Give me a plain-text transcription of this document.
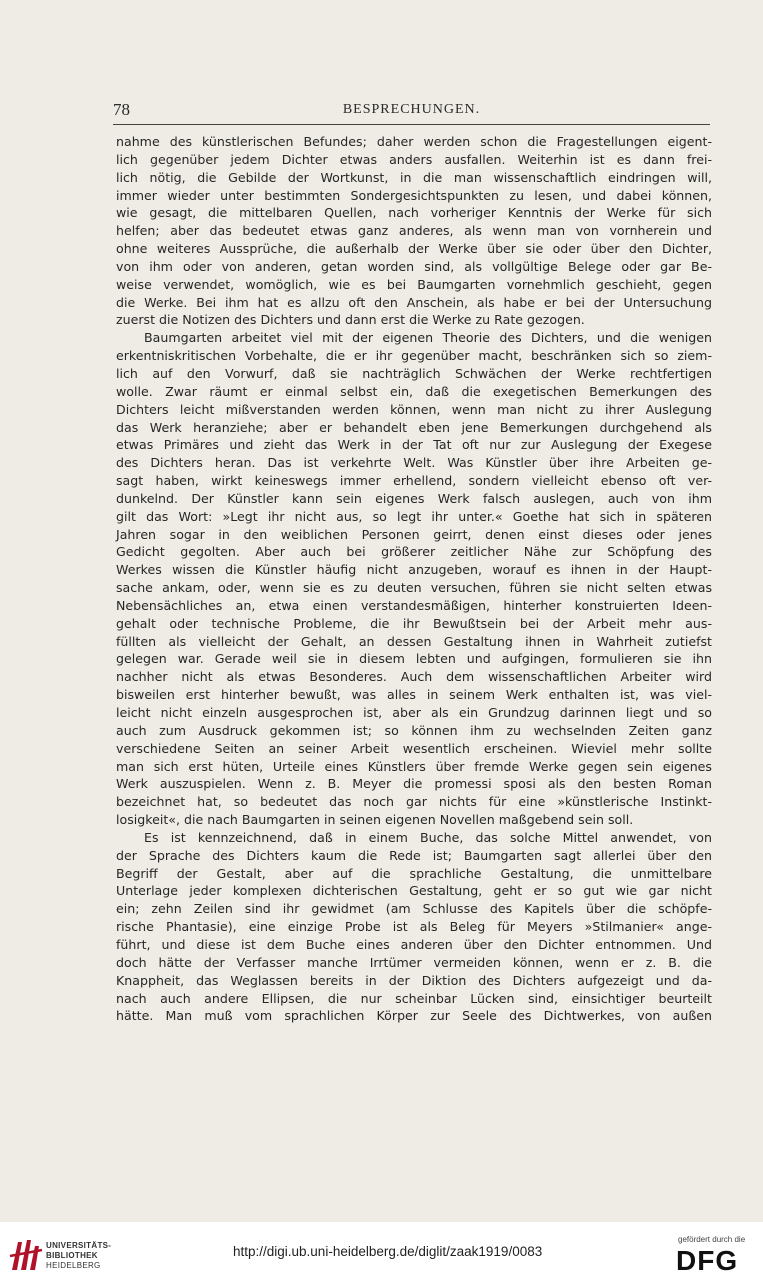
78	BESPRECHUNGEN.

nahme des künstlerischen Befundes; daher werden schon die Fragestellungen eigent-

lich gegenüber jedem Dichter etwas anders ausfallen. Weiterhin ist es dann frei-

lich nötig, die Gebilde der Wortkunst, in die man wissenschaftlich eindringen will,

immer wieder unter bestimmten Sondergesichtspunkten zu lesen, und dabei können,

wie gesagt, die mittelbaren Quellen, nach vorheriger Kenntnis der Werke für sich

helfen; aber das bedeutet etwas ganz anderes, als wenn man von vornherein und

ohne weiteres Aussprüche, die außerhalb der Werke über sie oder über den Dichter,

von ihm oder von anderen, getan worden sind, als vollgültige Belege oder gar Be-

weise verwendet, womöglich, wie es bei Baumgarten vornehmlich geschieht, gegen

die Werke. Bei ihm hat es allzu oft den Anschein, als habe er bei der Untersuchung

zuerst die Notizen des Dichters und dann erst die Werke zu Rate gezogen.

Baumgarten arbeitet viel mit der eigenen Theorie des Dichters, und die wenigen

erkentniskritischen Vorbehalte, die er ihr gegenüber macht, beschränken sich so ziem-

lich auf den Vorwurf, daß sie nachträglich Schwächen der Werke rechtfertigen

wolle. Zwar räumt er einmal selbst ein, daß die exegetischen Bemerkungen des

Dichters leicht mißverstanden werden können, wenn man nicht zu ihrer Auslegung

das Werk heranziehe; aber er behandelt eben jene Bemerkungen durchgehend als

etwas Primäres und zieht das Werk in der Tat oft nur zur Auslegung der Exegese

des Dichters heran. Das ist verkehrte Welt. Was Künstler über ihre Arbeiten ge-

sagt haben, wirkt keineswegs immer erhellend, sondern vielleicht ebenso oft ver-

dunkelnd. Der Künstler kann sein eigenes Werk falsch auslegen, auch von ihm

gilt das Wort: »Legt ihr nicht aus, so legt ihr unter.« Goethe hat sich in späteren

Jahren sogar in den weiblichen Personen geirrt, denen einst dieses oder jenes

Gedicht gegolten. Aber auch bei größerer zeitlicher Nähe zur Schöpfung des

Werkes wissen die Künstler häufig nicht anzugeben, worauf es ihnen in der Haupt-

sache ankam, oder, wenn sie es zu deuten versuchen, führen sie nicht selten etwas

Nebensächliches an, etwa einen verstandesmäßigen, hinterher konstruierten Ideen-

gehalt oder technische Probleme, die ihr Bewußtsein bei der Arbeit mehr aus-

füllten als vielleicht der Gehalt, an dessen Gestaltung ihnen in Wahrheit zutiefst

gelegen war. Gerade weil sie in diesem lebten und aufgingen, formulieren sie ihn

nachher nicht als etwas Besonderes. Auch dem wissenschaftlichen Arbeiter wird

bisweilen erst hinterher bewußt, was alles in seinem Werk enthalten ist, was viel-

leicht nicht einzeln ausgesprochen ist, aber als ein Grundzug darinnen liegt und so

auch zum Ausdruck gekommen ist; so können ihm zu wechselnden Zeiten ganz

verschiedene Seiten an seiner Arbeit wesentlich erscheinen. Wieviel mehr sollte

man sich erst hüten, Urteile eines Künstlers über fremde Werke gegen sein eigenes

Werk auszuspielen. Wenn z. B. Meyer die promessi sposi als den besten Roman

bezeichnet hat, so bedeutet das noch gar nichts für eine »künstlerische Instinkt-

losigkeit«, die nach Baumgarten in seinen eigenen Novellen maßgebend sein soll.

Es ist kennzeichnend, daß in einem Buche, das solche Mittel anwendet, von

der Sprache des Dichters kaum die Rede ist; Baumgarten sagt allerlei über den

Begriff der Gestalt, aber auf die sprachliche Gestaltung, die unmittelbare

Unterlage jeder komplexen dichterischen Gestaltung, geht er so gut wie gar nicht

ein; zehn Zeilen sind ihr gewidmet (am Schlusse des Kapitels über die schöpfe-

rische Phantasie), eine einzige Probe ist als Beleg für Meyers »Stilmanier« ange-

führt, und diese ist dem Buche eines anderen über den Dichter entnommen. Und

doch hätte der Verfasser manche Irrtümer vermeiden können, wenn er z. B. die

Knappheit, das Weglassen bereits in der Diktion des Dichters aufgezeigt und da-

nach auch andere Ellipsen, die nur scheinbar Lücken sind, einsichtiger beurteilt

hätte. Man muß vom sprachlichen Körper zur Seele des Dichtwerkes, von außen

UNIVERSITÄTS-
BIBLIOTHEK
HEIDELBERG
http://digi.ub.uni-heidelberg.de/diglit/zaak1919/0083
gefördert durch die
DFG
